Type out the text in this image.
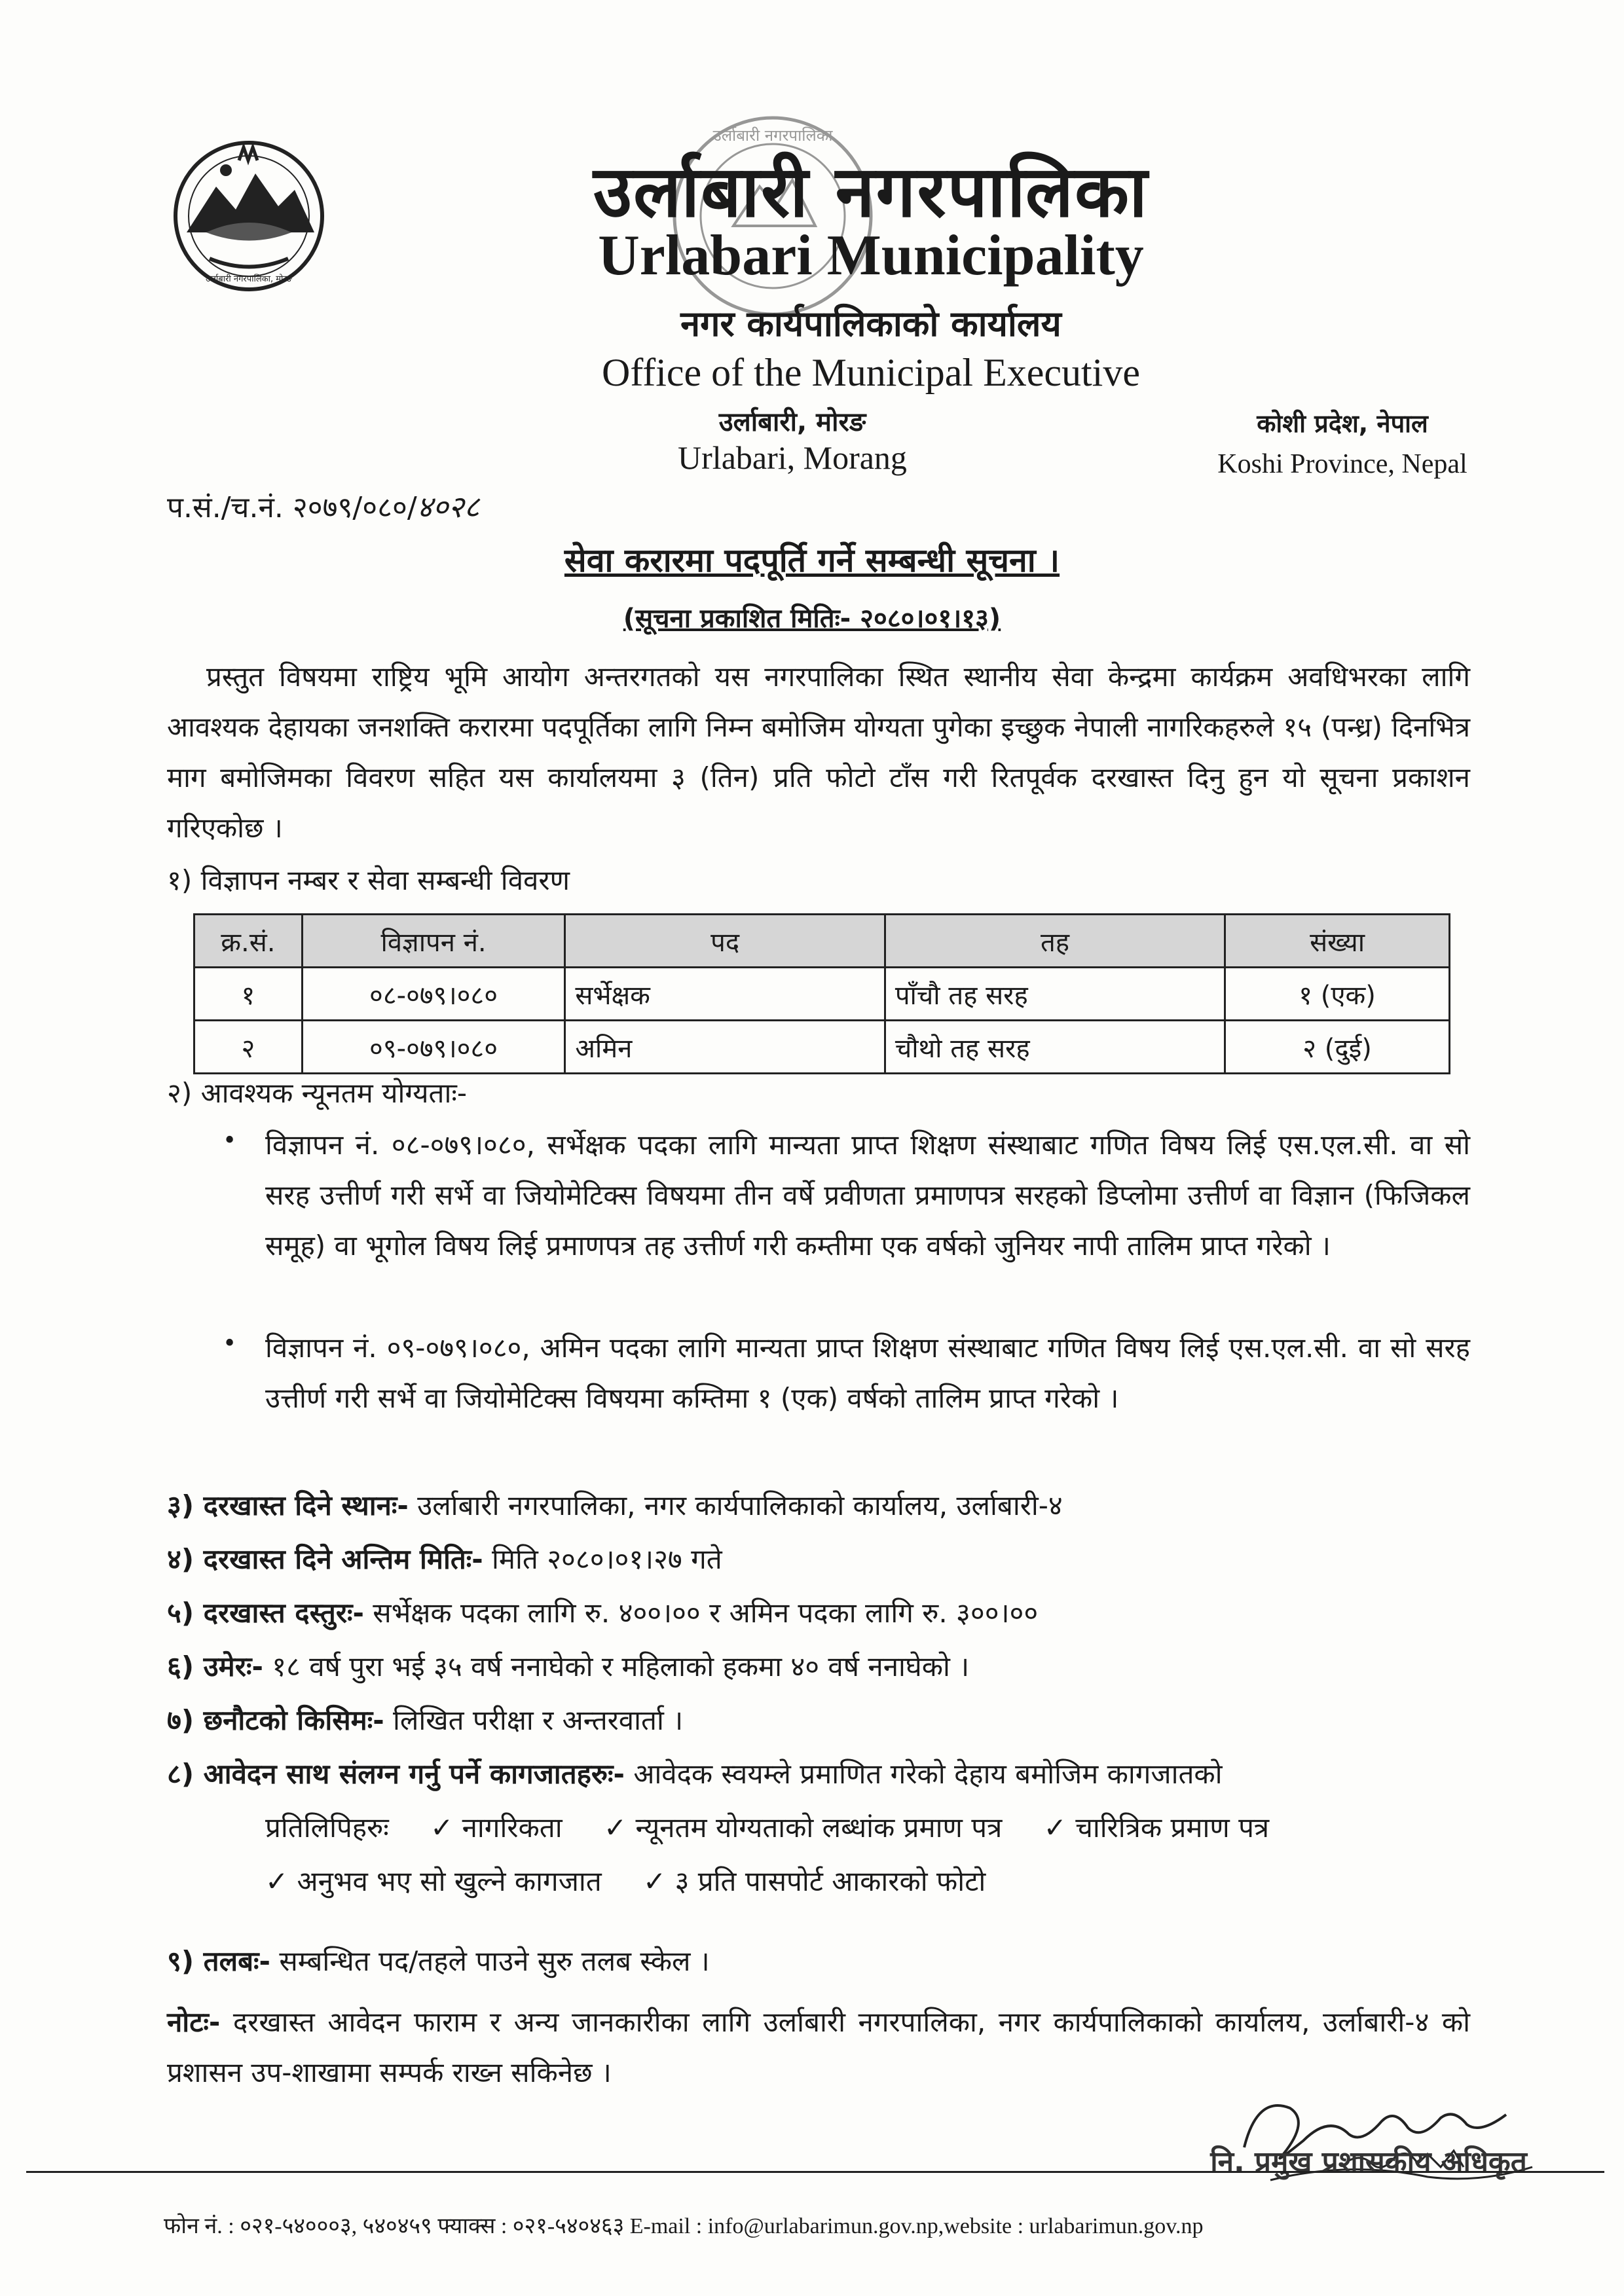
उर्लाबारी नगरपालिका, मोरङ
उर्लाबारी नगरपालिका
उर्लाबारी नगरपालिका
Urlabari Municipality
नगर कार्यपालिकाको कार्यालय
Office of the Municipal Executive
उर्लाबारी, मोरङ
Urlabari, Morang
कोशी प्रदेश, नेपाल
Koshi Province, Nepal
प.सं./च.नं. २०७९/०८०/४०२८
सेवा करारमा पदपूर्ति गर्ने सम्बन्धी सूचना ।
(सूचना प्रकाशित मितिः- २०८०।०१।१३)
प्रस्तुत विषयमा राष्ट्रिय भूमि आयोग अन्तरगतको यस नगरपालिका स्थित स्थानीय सेवा केन्द्रमा कार्यक्रम अवधिभरका लागि आवश्यक देहायका जनशक्ति करारमा पदपूर्तिका लागि निम्न बमोजिम योग्यता पुगेका इच्छुक नेपाली नागरिकहरुले १५ (पन्ध्र) दिनभित्र माग बमोजिमका विवरण सहित यस कार्यालयमा ३ (तिन) प्रति फोटो टाँस गरी रितपूर्वक दरखास्त दिनु हुन यो सूचना प्रकाशन गरिएकोछ ।
१) विज्ञापन नम्बर र सेवा सम्बन्धी विवरण
क्र.सं.	विज्ञापन नं.	पद	तह	संख्या
१	०८-०७९।०८०	सर्भेक्षक	पाँचौ तह सरह	१ (एक)
२	०९-०७९।०८०	अमिन	चौथो तह सरह	२ (दुई)
२) आवश्यक न्यूनतम योग्यताः-
• विज्ञापन नं. ०८-०७९।०८०, सर्भेक्षक पदका लागि मान्यता प्राप्त शिक्षण संस्थाबाट गणित विषय लिई एस.एल.सी. वा सो सरह उत्तीर्ण गरी सर्भे वा जियोमेटिक्स विषयमा तीन वर्षे प्रवीणता प्रमाणपत्र सरहको डिप्लोमा उत्तीर्ण वा विज्ञान (फिजिकल समूह) वा भूगोल विषय लिई प्रमाणपत्र तह उत्तीर्ण गरी कम्तीमा एक वर्षको जुनियर नापी तालिम प्राप्त गरेको ।
• विज्ञापन नं. ०९-०७९।०८०, अमिन पदका लागि मान्यता प्राप्त शिक्षण संस्थाबाट गणित विषय लिई एस.एल.सी. वा सो सरह उत्तीर्ण गरी सर्भे वा जियोमेटिक्स विषयमा कम्तिमा १ (एक) वर्षको तालिम प्राप्त गरेको ।
३) दरखास्त दिने स्थानः- उर्लाबारी नगरपालिका, नगर कार्यपालिकाको कार्यालय, उर्लाबारी-४
४) दरखास्त दिने अन्तिम मितिः- मिति २०८०।०१।२७ गते
५) दरखास्त दस्तुरः- सर्भेक्षक पदका लागि रु. ४००।०० र अमिन पदका लागि रु. ३००।००
६) उमेरः- १८ वर्ष पुरा भई ३५ वर्ष ननाघेको र महिलाको हकमा ४० वर्ष ननाघेको ।
७) छनौटको किसिमः- लिखित परीक्षा र अन्तरवार्ता ।
८) आवेदन साथ संलग्न गर्नु पर्ने कागजातहरुः- आवेदक स्वयम्ले प्रमाणित गरेको देहाय बमोजिम कागजातको
प्रतिलिपिहरुः ✓ नागरिकता ✓ न्यूनतम योग्यताको लब्धांक प्रमाण पत्र ✓ चारित्रिक प्रमाण पत्र
✓ अनुभव भए सो खुल्ने कागजात ✓ ३ प्रति पासपोर्ट आकारको फोटो
९) तलबः- सम्बन्धित पद/तहले पाउने सुरु तलब स्केल ।
नोटः- दरखास्त आवेदन फाराम र अन्य जानकारीका लागि उर्लाबारी नगरपालिका, नगर कार्यपालिकाको कार्यालय, उर्लाबारी-४ को प्रशासन उप-शाखामा सम्पर्क राख्न सकिनेछ ।
नि. प्रमुख प्रशासकीय अधिकृत
फोन नं. : ०२१-५४०००३, ५४०४५९ फ्याक्स : ०२१-५४०४६३ E-mail : info@urlabarimun.gov.np,website : urlabarimun.gov.np
